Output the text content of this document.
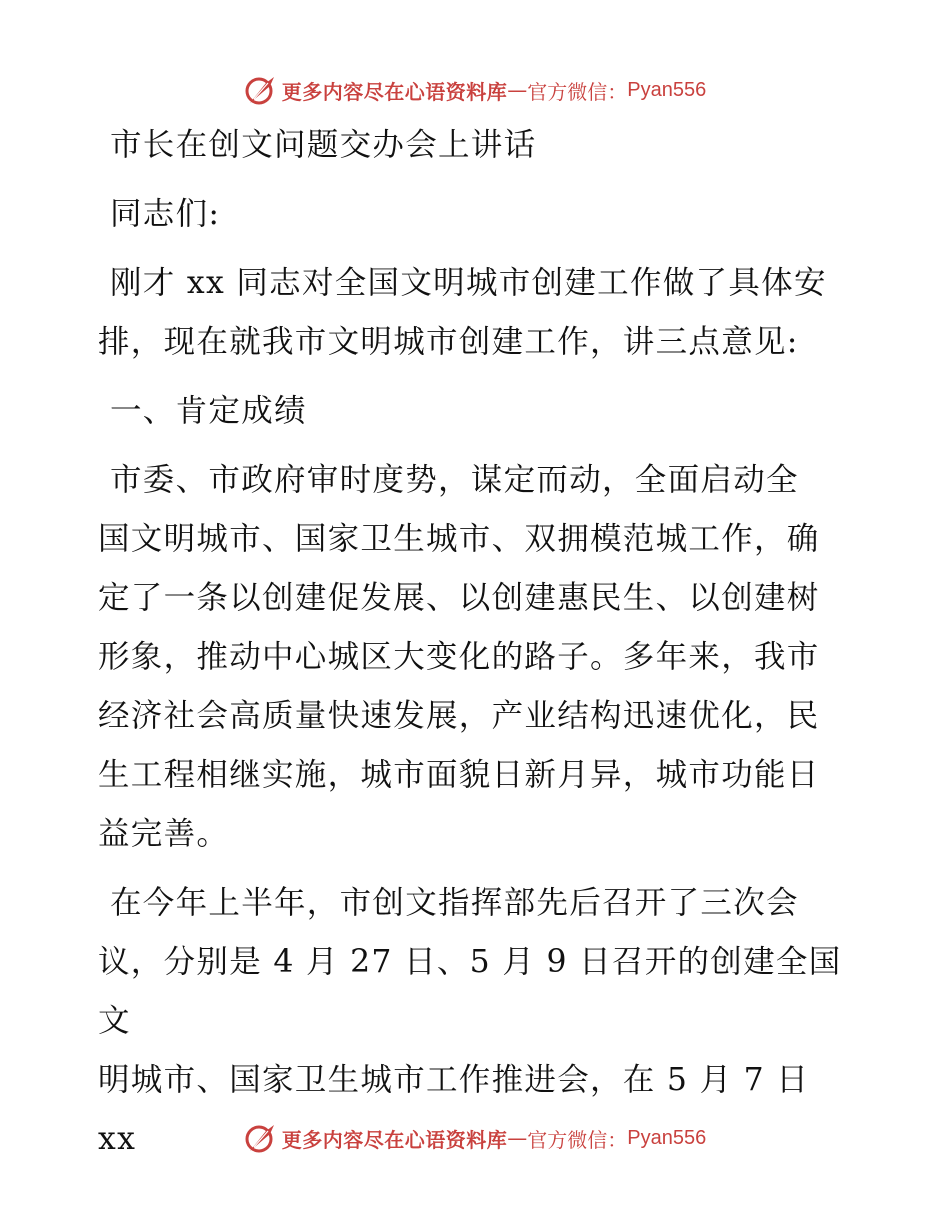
更多内容尽在心语资料库 — 官方微信： Pyan556

市长在创文问题交办会上讲话

同志们:

刚才 xx 同志对全国文明城市创建工作做了具体安

排，现在就我市文明城市创建工作，讲三点意见:

一、肯定成绩

市委、市政府审时度势，谋定而动，全面启动全

国文明城市、国家卫生城市、双拥模范城工作，确

定了一条以创建促发展、以创建惠民生、以创建树

形象，推动中心城区大变化的路子。多年来，我市

经济社会高质量快速发展，产业结构迅速优化，民

生工程相继实施，城市面貌日新月异，城市功能日

益完善。

在今年上半年，市创文指挥部先后召开了三次会

议，分别是 4 月 27 日、5 月 9 日召开的创建全国文

明城市、国家卫生城市工作推进会，在 5 月 7 日 xx	更多内容尽在心语资料库 — 官方微信： Pyan556
